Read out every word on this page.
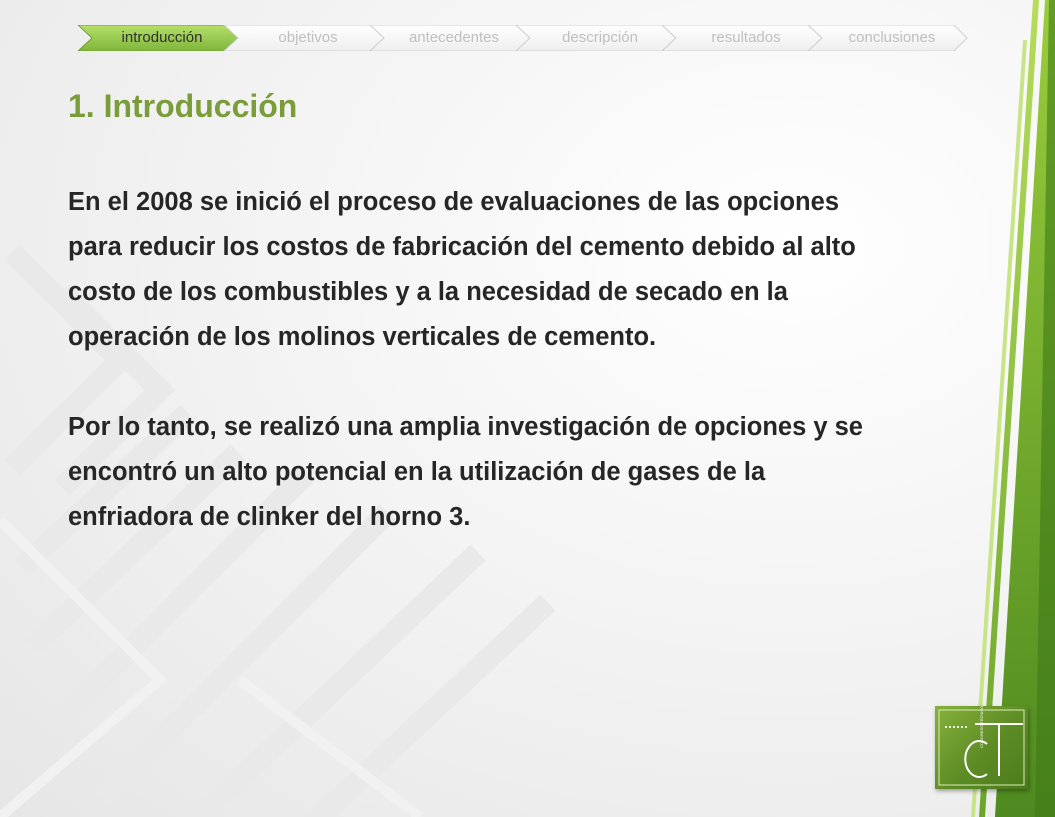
introducción	objetivos	antecedentes	descripción	resultados	conclusiones
1. Introducción

En el 2008 se inició el proceso de evaluaciones de las opciones para reducir los costos de fabricación del cemento debido al alto costo de los combustibles y a la necesidad de secado en la operación de los molinos verticales de cemento.

Por lo tanto, se realizó una amplia investigación de opciones y se encontró un alto potencial en la utilización de gases de la enfriadora de clinker del horno 3.

CONGRESO TÉCNICO
